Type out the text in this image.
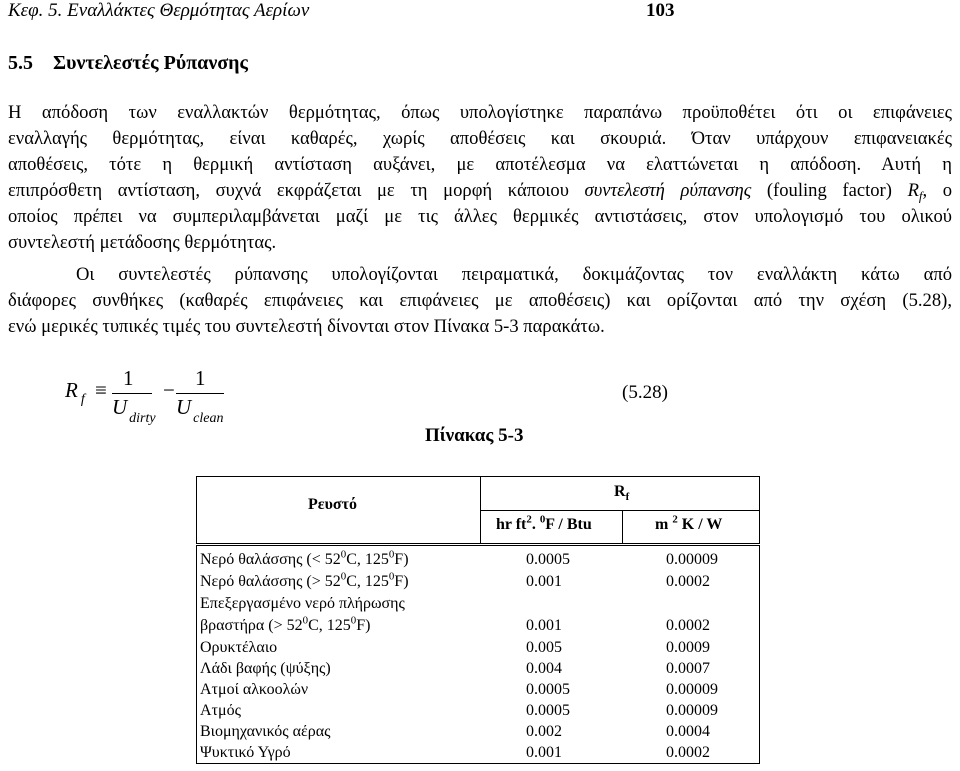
Κεφ. 5. Εναλλάκτες Θερμότητας Αερίων	103
5.5 Συντελεστές Ρύπανσης
Η απόδοση των εναλλακτών θερμότητας, όπως υπολογίστηκε παραπάνω προϋποθέτει ότι οι επιφάνειες
εναλλαγής θερμότητας, είναι καθαρές, χωρίς αποθέσεις και σκουριά. Όταν υπάρχουν επιφανειακές
αποθέσεις, τότε η θερμική αντίσταση αυξάνει, με αποτέλεσμα να ελαττώνεται η απόδοση. Αυτή η
επιπρόσθετη αντίσταση, συχνά εκφράζεται με τη μορφή κάποιου συντελεστή ρύπανσης (fouling factor) $R_f$, ο
οποίος πρέπει να συμπεριλαμβάνεται μαζί με τις άλλες θερμικές αντιστάσεις, στον υπολογισμό του ολικού
συντελεστή μετάδοσης θερμότητας.
Οι συντελεστές ρύπανσης υπολογίζονται πειραματικά, δοκιμάζοντας τον εναλλάκτη κάτω από
διάφορες συνθήκες (καθαρές επιφάνειες και επιφάνειες με αποθέσεις) και ορίζονται από την σχέση (5.28),
ενώ μερικές τυπικές τιμές του συντελεστή δίνονται στον Πίνακα 5-3 παρακάτω.
R $_f$ ≡ 1
U $_{dirty}$
− 1
U $_{clean}$
(5.28)
Πίνακας 5-3
Ρευστό
$R_f$
hr $ft^2$. $^0$F / Btu	m $^2$ K / W
Νερό θαλάσσης (< $52^0C$, $125^0F$)	0.0005	0.00009
Νερό θαλάσσης (> $52^0C$, $125^0F$)	0.001	0.0002
Επεξεργασμένο νερό πλήρωσης
βραστήρα (> $52^0C$, $125^0F$)	0.001	0.0002
Ορυκτέλαιο	0.005	0.0009
Λάδι βαφής (ψύξης)	0.004	0.0007
Ατμοί αλκοολών	0.0005	0.00009
Ατμός	0.0005	0.00009
Βιομηχανικός αέρας	0.002	0.0004
Ψυκτικό Υγρό	0.001	0.0002
